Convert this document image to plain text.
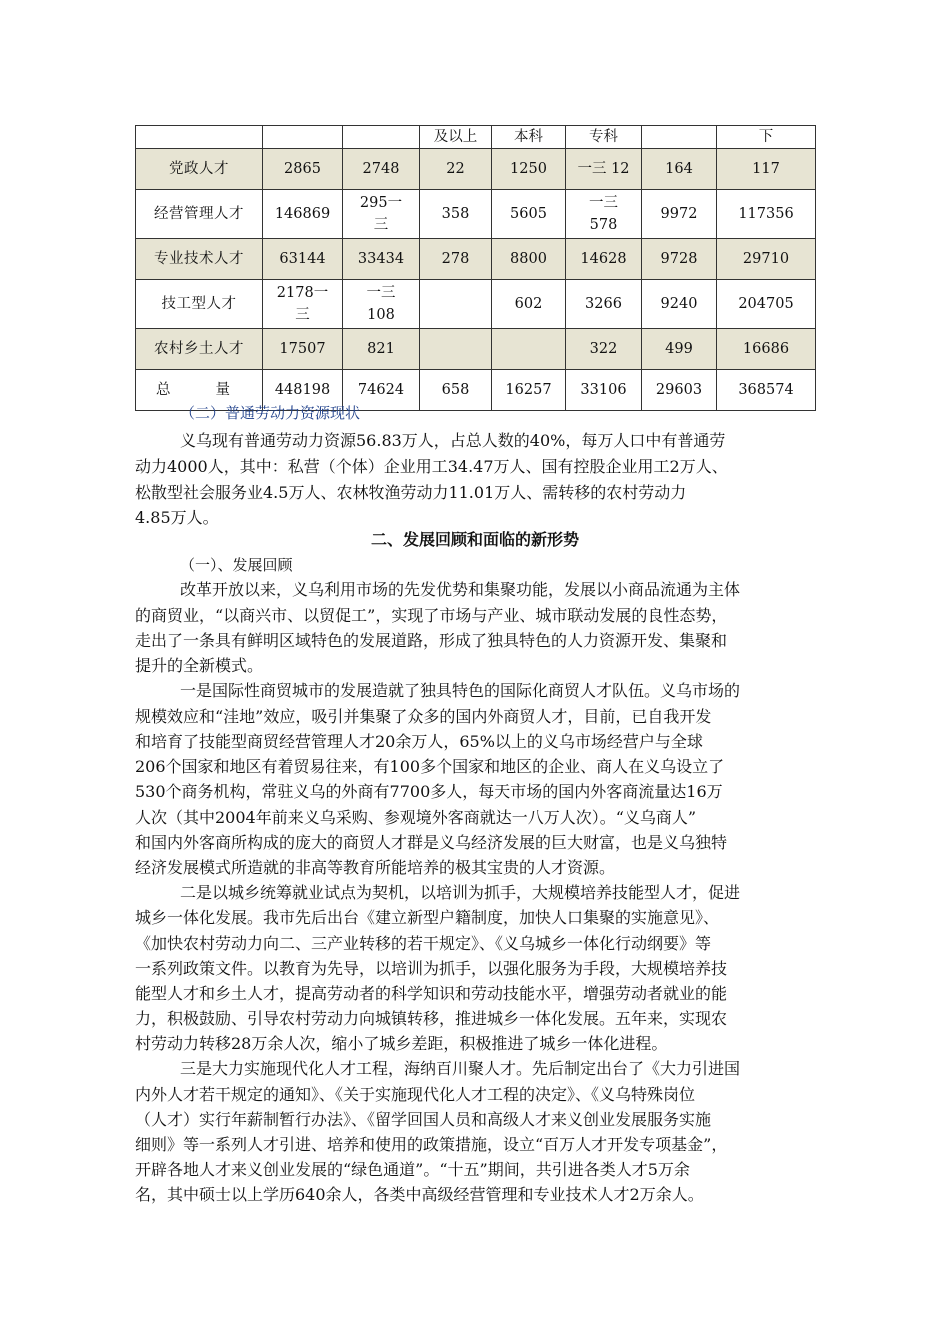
			及以上	本科	专科		下
党政人才	2865	2748	22	1250	一三 12	164	117
经营管理人才	146869	295一三	358	5605	一三578	9972	117356
专业技术人才	63144	33434	278	8800	14628	9728	29710
技工型人才	2178一三	一三108		602	3266	9240	204705
农村乡土人才	17507	821			322	499	16686

总 量	448198	74624	658	16257	33106	29603	368574
（二）普通劳动力资源现状
义乌现有普通劳动力资源56.83万人，占总人数的40%，每万人口中有普通劳
动力4000人，其中：私营（个体）企业用工34.47万人、国有控股企业用工2万人、
松散型社会服务业4.5万人、农林牧渔劳动力11.01万人、需转移的农村劳动力
4.85万人。
二、发展回顾和面临的新形势
（一）、发展回顾
改革开放以来，义乌利用市场的先发优势和集聚功能，发展以小商品流通为主体
的商贸业，“以商兴市、以贸促工”，实现了市场与产业、城市联动发展的良性态势，
走出了一条具有鲜明区域特色的发展道路，形成了独具特色的人力资源开发、集聚和
提升的全新模式。
一是国际性商贸城市的发展造就了独具特色的国际化商贸人才队伍。义乌市场的
规模效应和“洼地”效应，吸引并集聚了众多的国内外商贸人才，目前，已自我开发
和培育了技能型商贸经营管理人才20余万人，65%以上的义乌市场经营户与全球
206个国家和地区有着贸易往来，有100多个国家和地区的企业、商人在义乌设立了
530个商务机构，常驻义乌的外商有7700多人，每天市场的国内外客商流量达16万
人次（其中2004年前来义乌采购、参观境外客商就达一八万人次）。“义乌商人”
和国内外客商所构成的庞大的商贸人才群是义乌经济发展的巨大财富，也是义乌独特
经济发展模式所造就的非高等教育所能培养的极其宝贵的人才资源。
二是以城乡统筹就业试点为契机，以培训为抓手，大规模培养技能型人才，促进
城乡一体化发展。我市先后出台《建立新型户籍制度，加快人口集聚的实施意见》、
《加快农村劳动力向二、三产业转移的若干规定》、《义乌城乡一体化行动纲要》等
一系列政策文件。以教育为先导，以培训为抓手，以强化服务为手段，大规模培养技
能型人才和乡土人才，提高劳动者的科学知识和劳动技能水平，增强劳动者就业的能
力，积极鼓励、引导农村劳动力向城镇转移，推进城乡一体化发展。五年来，实现农
村劳动力转移28万余人次，缩小了城乡差距，积极推进了城乡一体化进程。
三是大力实施现代化人才工程，海纳百川聚人才。先后制定出台了《大力引进国
内外人才若干规定的通知》、《关于实施现代化人才工程的决定》、《义乌特殊岗位
（人才）实行年薪制暂行办法》、《留学回国人员和高级人才来义创业发展服务实施
细则》等一系列人才引进、培养和使用的政策措施，设立“百万人才开发专项基金”，
开辟各地人才来义创业发展的“绿色通道”。“十五”期间，共引进各类人才5万余
名，其中硕士以上学历640余人，各类中高级经营管理和专业技术人才2万余人。
